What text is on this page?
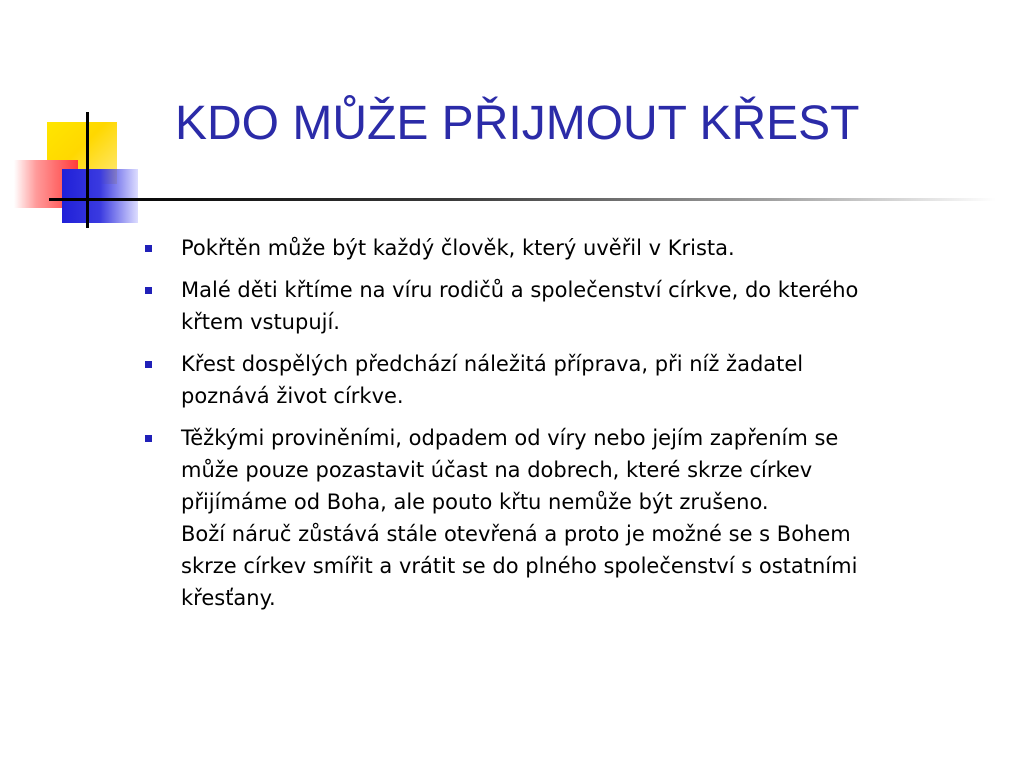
KDO MŮŽE PŘIJMOUT KŘEST
Pokřtěn může být každý člověk, který uvěřil v Krista.
Malé děti křtíme na víru rodičů a společenství církve, do kterého
křtem vstupují.
Křest dospělých předchází náležitá příprava, při níž žadatel
poznává život církve.
Těžkými proviněními, odpadem od víry nebo jejím zapřením se
může pouze pozastavit účast na dobrech, které skrze církev
přijímáme od Boha, ale pouto křtu nemůže být zrušeno.
Boží náruč zůstává stále otevřená a proto je možné se s Bohem
skrze církev smířit a vrátit se do plného společenství s ostatními
křesťany.
